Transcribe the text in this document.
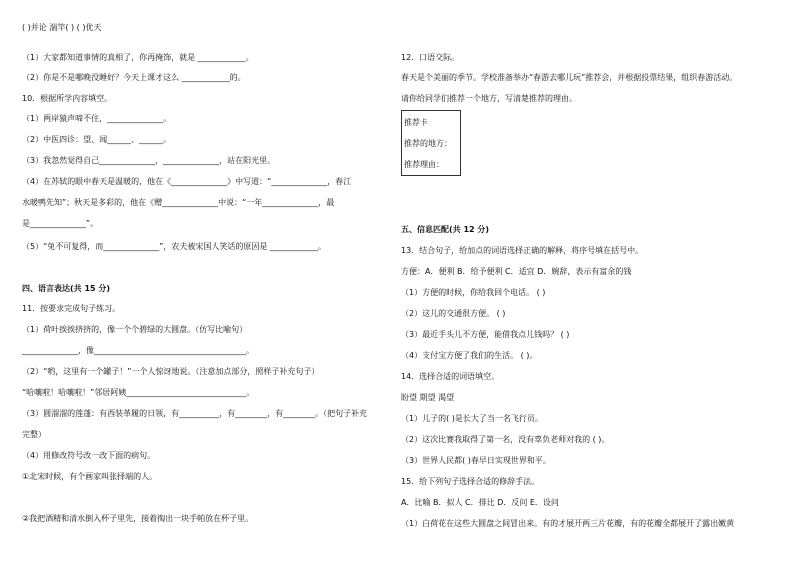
( )并论 湍竿( ) ( )优天
（1）大家都知道事情的真相了，你再掩饰，就是 ____________。
（2）你是不是哪晚没睡好？今天上课才这么 ____________的。
10．根据所学内容填空。
（1）两岸猿声啼不住，______________。
（2）中医四诊：望、闻______、______。
（3）我忽然觉得自己______________，______________，站在阳光里。
（4）在苏轼的眼中春天是温暖的，他在《______________》中写道：“______________，春江
水暖鸭先知”；秋天是多彩的，他在《赠______________中说：“一年______________，最
是______________”。
（5）“兔不可复得，而______________”，农夫被宋国人笑话的原因是 ____________。
四、语言表达(共 15 分)
11．按要求完成句子练习。
（1）荷叶挨挨挤挤的，像一个个碧绿的大圆盘。（仿写比喻句）
______________，像______________________________________。
（2）“哟，这里有一个罐子！”一个人惊讶地说。（注意加点部分，照样子补充句子）
“哈嚷啦！哈嚷啦！”邻居阿姨______________________________。
（3）圆溜溜的莲蓬：有西装革履的日领，有__________，有________，有________。（把句子补充
完整）
（4）用修改符号改一改下面的病句。
①北宋时候，有个画家叫张择端的人。
②我把酒精和清水倒入杯子里先，接着掏出一块手帕放在杯子里。
12．口语交际。
春天是个美丽的季节。学校准备举办“春游去哪儿玩”推荐会，并根据投票结果，组织春游活动。
请你给同学们推荐一个地方，写清楚推荐的理由。
推荐卡
推荐的地方：
推荐理由：
五、信息匹配(共 12 分)
13．结合句子，给加点的词语选择正确的解释，将序号填在括号中。
方便：A．便利 B．给予便利 C．适宜 D．婉辞，表示有富余的钱
（1）方便的时候，你给我回个电话。 ( )
（2）这儿的交通很方便。 ( )
（3）最近手头儿不方便，能借我点儿钱吗？ ( )
（4）支付宝方便了我们的生活。 ( )。
14．选择合适的词语填空。
盼望 期望 渴望
（1）儿子的( )是长大了当一名飞行员。
（2）这次比赛我取得了第一名，没有辜负老师对我的 ( )。
（3）世界人民都( )春早日实现世界和平。
15．给下列句子选择合适的修辞手法。
A．比喻 B．拟人 C．排比 D．反问 E．设问
（1）白荷花在这些大圆盘之间冒出来。有的才展开两三片花瓣，有的花瓣全都展开了露出嫩黄
